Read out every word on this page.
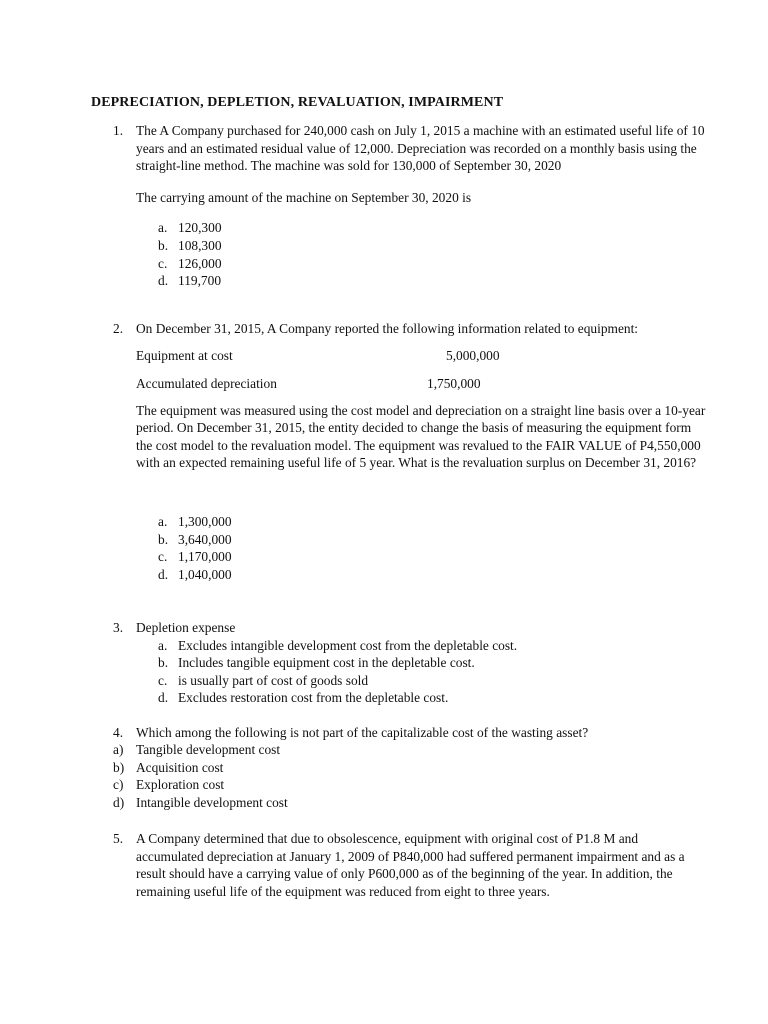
DEPRECIATION, DEPLETION, REVALUATION, IMPAIRMENT
1. The A Company purchased for 240,000 cash on July 1, 2015 a machine with an estimated useful life of 10 years and an estimated residual value of 12,000. Depreciation was recorded on a monthly basis using the straight-line method. The machine was sold for 130,000 of September 30, 2020
The carrying amount of the machine on September 30, 2020 is
a. 120,300
b. 108,300
c. 126,000
d. 119,700
2. On December 31, 2015, A Company reported the following information related to equipment:
Equipment at cost	5,000,000
Accumulated depreciation	1,750,000
The equipment was measured using the cost model and depreciation on a straight line basis over a 10-year period. On December 31, 2015, the entity decided to change the basis of measuring the equipment form the cost model to the revaluation model. The equipment was revalued to the FAIR VALUE of P4,550,000 with an expected remaining useful life of 5 year. What is the revaluation surplus on December 31, 2016?
a. 1,300,000
b. 3,640,000
c. 1,170,000
d. 1,040,000
3. Depletion expense
a. Excludes intangible development cost from the depletable cost.
b. Includes tangible equipment cost in the depletable cost.
c. is usually part of cost of goods sold
d. Excludes restoration cost from the depletable cost.
4. Which among the following is not part of the capitalizable cost of the wasting asset?
a) Tangible development cost
b) Acquisition cost
c) Exploration cost
d) Intangible development cost
5. A Company determined that due to obsolescence, equipment with original cost of P1.8 M and accumulated depreciation at January 1, 2009 of P840,000 had suffered permanent impairment and as a result should have a carrying value of only P600,000 as of the beginning of the year. In addition, the remaining useful life of the equipment was reduced from eight to three years.
